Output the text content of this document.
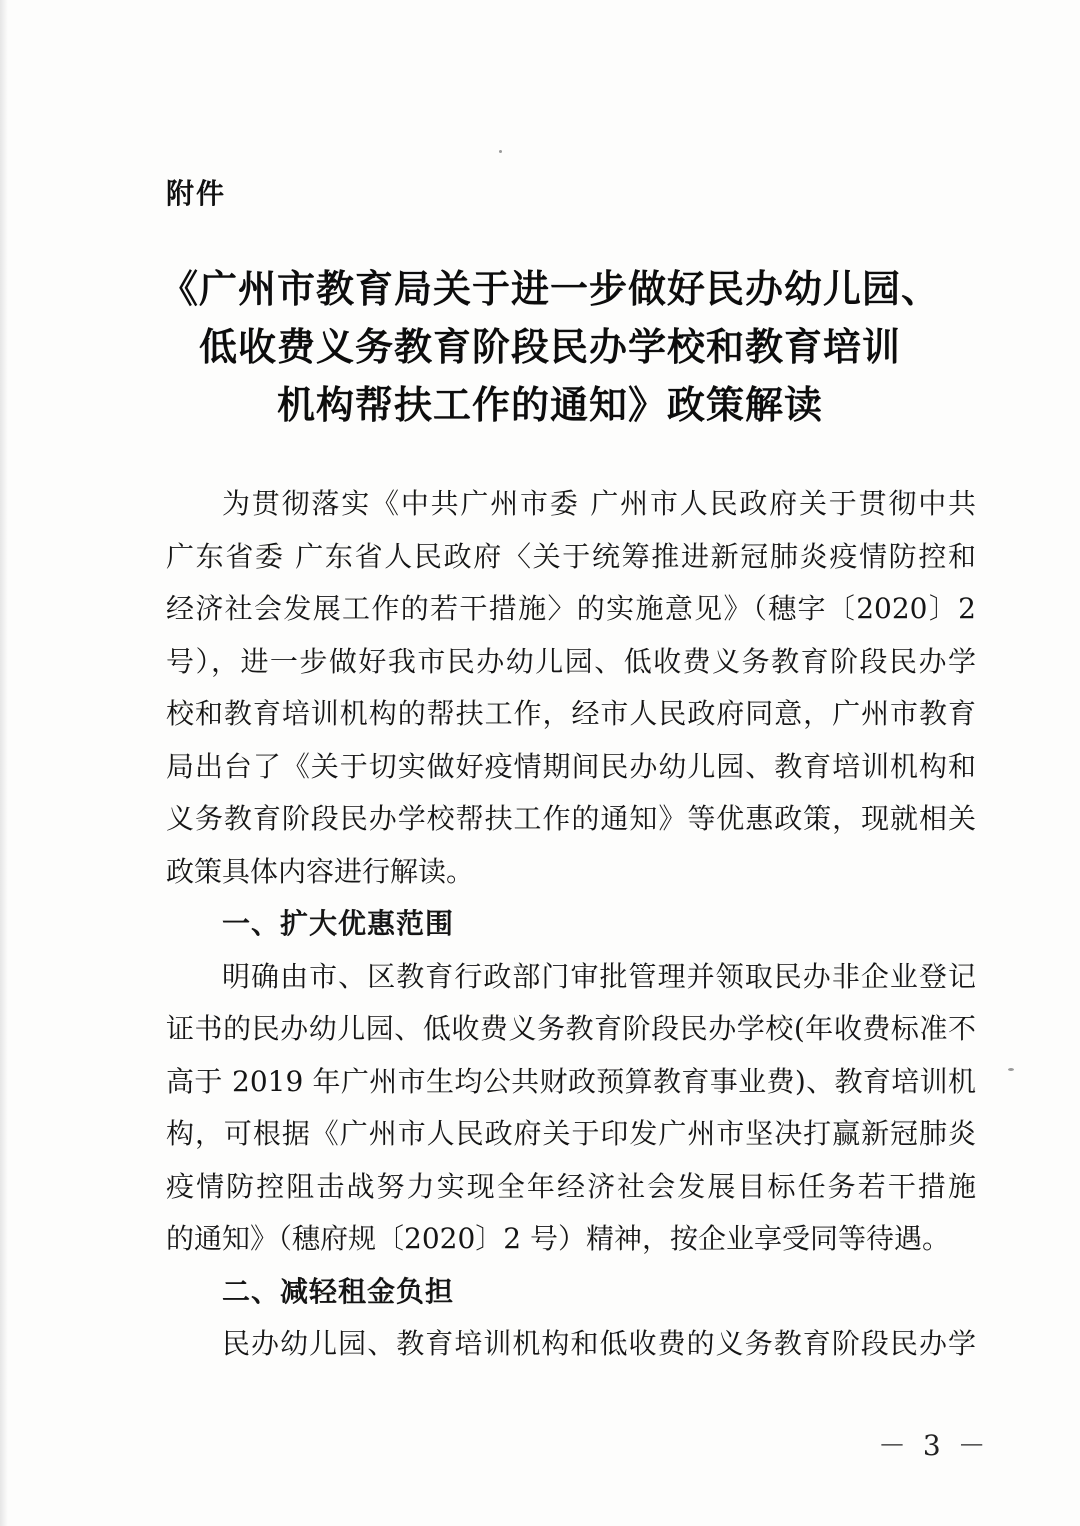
附件
《广州市教育局关于进一步做好民办幼儿园、
低收费义务教育阶段民办学校和教育培训
机构帮扶工作的通知》政策解读
为贯彻落实《中共广州市委 广州市人民政府关于贯彻中共
广东省委 广东省人民政府〈关于统筹推进新冠肺炎疫情防控和
经济社会发展工作的若干措施〉的实施意见》（穗字〔2020〕2
号），进一步做好我市民办幼儿园、低收费义务教育阶段民办学
校和教育培训机构的帮扶工作，经市人民政府同意，广州市教育
局出台了《关于切实做好疫情期间民办幼儿园、教育培训机构和
义务教育阶段民办学校帮扶工作的通知》等优惠政策，现就相关
政策具体内容进行解读。
一、扩大优惠范围
明确由市、区教育行政部门审批管理并领取民办非企业登记
证书的民办幼儿园、低收费义务教育阶段民办学校(年收费标准不
高于 2019 年广州市生均公共财政预算教育事业费)、教育培训机
构，可根据《广州市人民政府关于印发广州市坚决打赢新冠肺炎
疫情防控阻击战努力实现全年经济社会发展目标任务若干措施
的通知》（穗府规〔2020〕2 号）精神，按企业享受同等待遇。
二、减轻租金负担
民办幼儿园、教育培训机构和低收费的义务教育阶段民办学
－ 3 －
